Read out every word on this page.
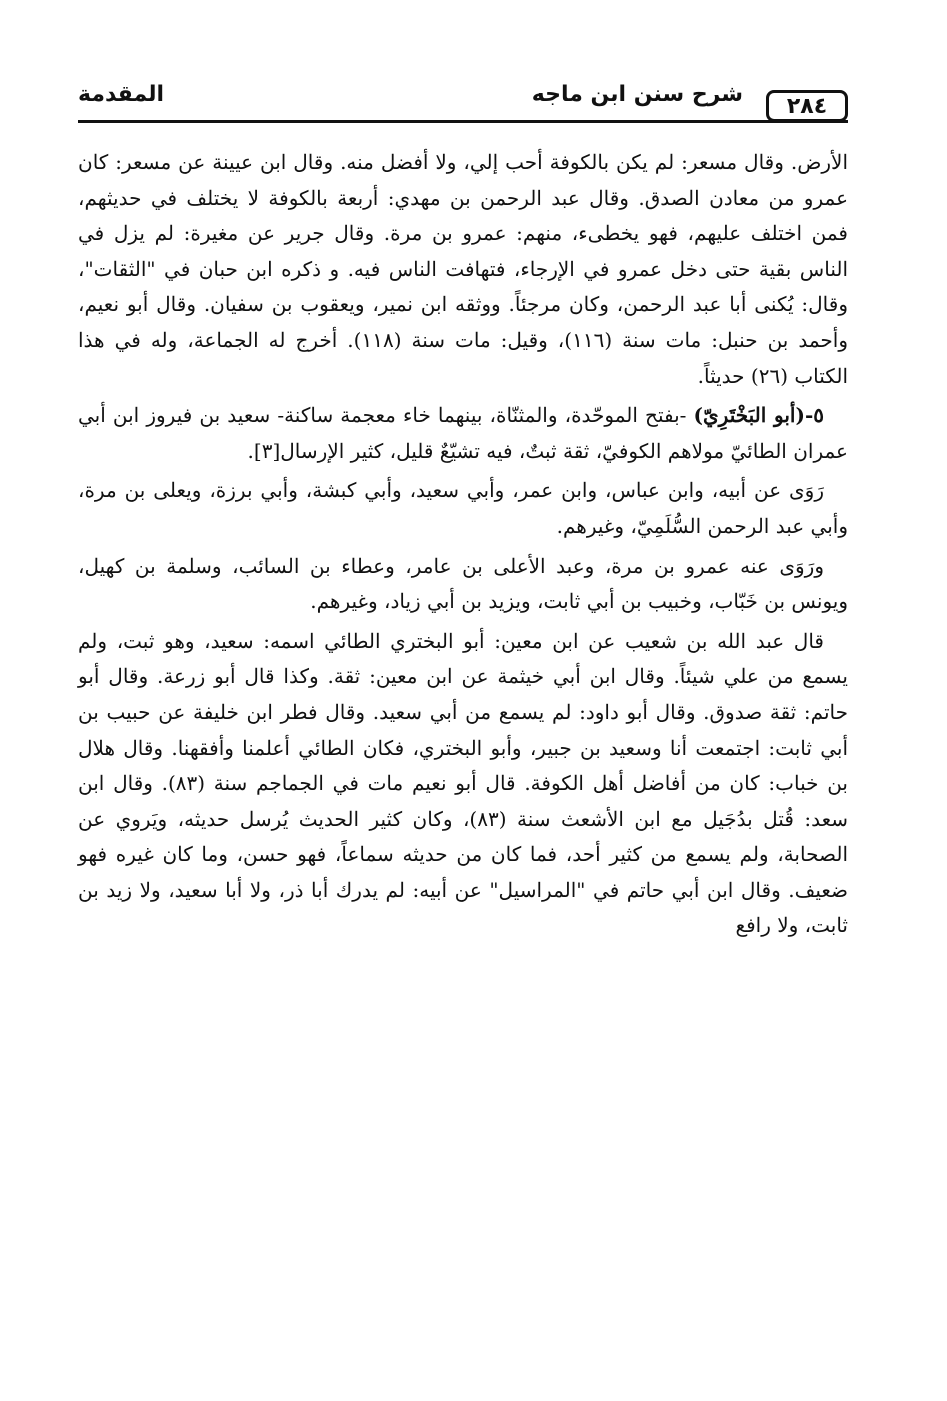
٢٨٤
شرح سنن ابن ماجه
المقدمة

الأرض. وقال مسعر: لم يكن بالكوفة أحب إلي، ولا أفضل منه. وقال ابن عيينة عن مسعر: كان عمرو من معادن الصدق. وقال عبد الرحمن بن مهدي: أربعة بالكوفة لا يختلف في حديثهم، فمن اختلف عليهم، فهو يخطىء، منهم: عمرو بن مرة. وقال جرير عن مغيرة: لم يزل في الناس بقية حتى دخل عمرو في الإرجاء، فتهافت الناس فيه. و ذكره ابن حبان في "الثقات"، وقال: يُكنى أبا عبد الرحمن، وكان مرجئاً. ووثقه ابن نمير، ويعقوب بن سفيان. وقال أبو نعيم، وأحمد بن حنبل: مات سنة (١١٦)، وقيل: مات سنة (١١٨). أخرج له الجماعة، وله في هذا الكتاب (٢٦) حديثاً.

٥-(أبو البَخْتَرِيّ) -بفتح الموحّدة، والمثنّاة، بينهما خاء معجمة ساكنة- سعيد بن فيروز ابن أبي عمران الطائيّ مولاهم الكوفيّ، ثقة ثبتٌ، فيه تشيّعٌ قليل، كثير الإرسال[٣].

رَوَى عن أبيه، وابن عباس، وابن عمر، وأبي سعيد، وأبي كبشة، وأبي برزة، ويعلى بن مرة، وأبي عبد الرحمن السُّلَمِيّ، وغيرهم.

ورَوَى عنه عمرو بن مرة، وعبد الأعلى بن عامر، وعطاء بن السائب، وسلمة بن كهيل، ويونس بن خَبّاب، وخبيب بن أبي ثابت، ويزيد بن أبي زياد، وغيرهم.

قال عبد الله بن شعيب عن ابن معين: أبو البختري الطائي اسمه: سعيد، وهو ثبت، ولم يسمع من علي شيئاً. وقال ابن أبي خيثمة عن ابن معين: ثقة. وكذا قال أبو زرعة. وقال أبو حاتم: ثقة صدوق. وقال أبو داود: لم يسمع من أبي سعيد. وقال فطر ابن خليفة عن حبيب بن أبي ثابت: اجتمعت أنا وسعيد بن جبير، وأبو البختري، فكان الطائي أعلمنا وأفقهنا. وقال هلال بن خباب: كان من أفاضل أهل الكوفة. قال أبو نعيم مات في الجماجم سنة (٨٣). وقال ابن سعد: قُتل بدُجَيل مع ابن الأشعث سنة (٨٣)، وكان كثير الحديث يُرسل حديثه، ويَروي عن الصحابة، ولم يسمع من كثير أحد، فما كان من حديثه سماعاً، فهو حسن، وما كان غيره فهو ضعيف. وقال ابن أبي حاتم في "المراسيل" عن أبيه: لم يدرك أبا ذر، ولا أبا سعيد، ولا زيد بن ثابت، ولا رافع
